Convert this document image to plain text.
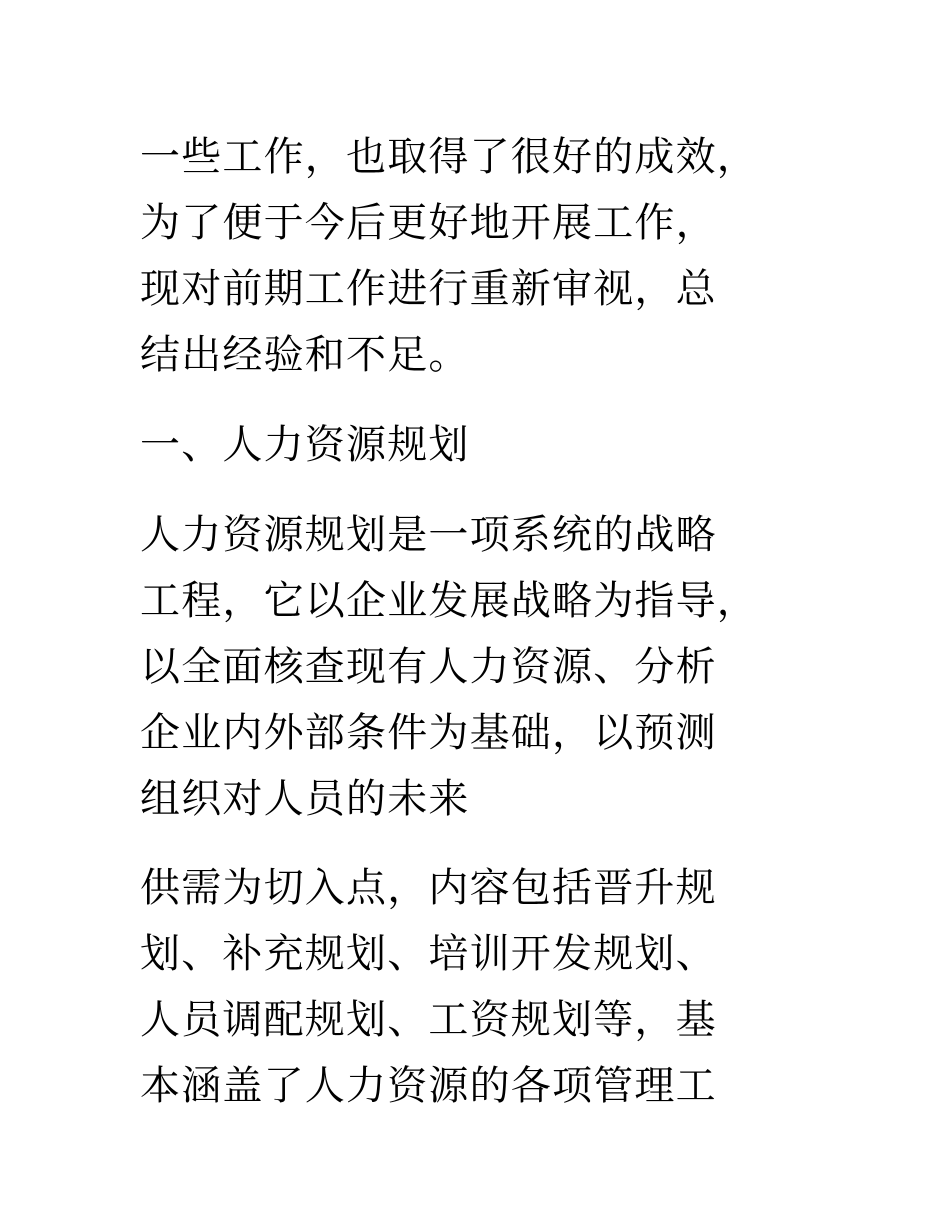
一些工作，也取得了很好的成效，
为了便于今后更好地开展工作，
现对前期工作进行重新审视，总
结出经验和不足。
一、人力资源规划
人力资源规划是一项系统的战略
工程，它以企业发展战略为指导，
以全面核查现有人力资源、分析
企业内外部条件为基础，以预测
组织对人员的未来
供需为切入点，内容包括晋升规
划、补充规划、培训开发规划、
人员调配规划、工资规划等，基
本涵盖了人力资源的各项管理工
